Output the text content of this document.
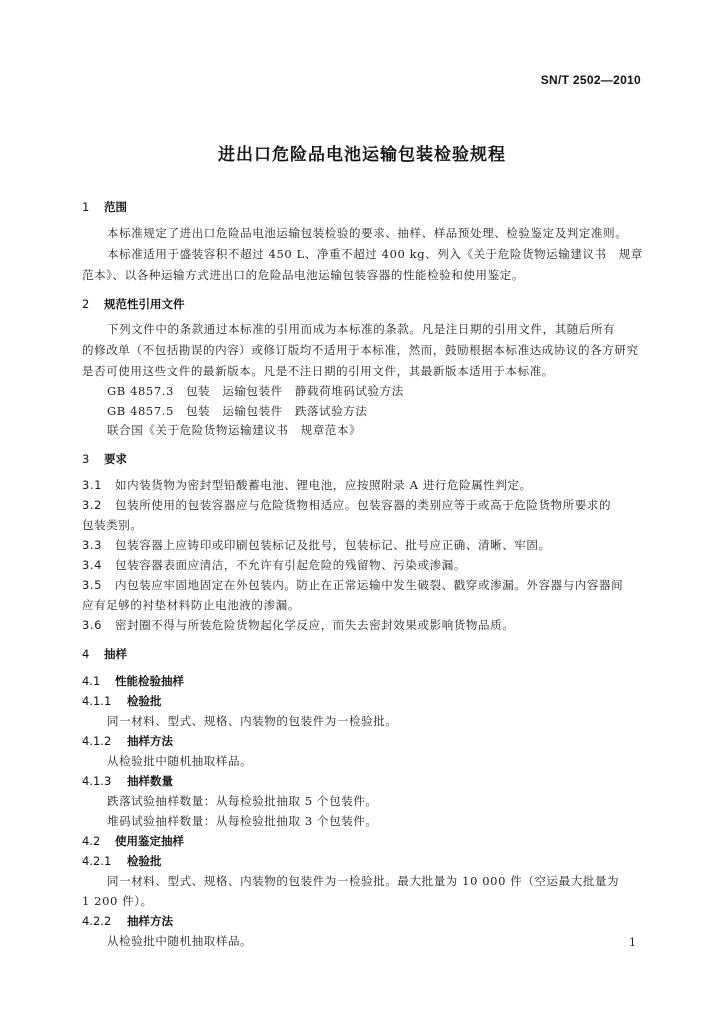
SN/T 2502—2010
进出口危险品电池运输包装检验规程
1 范围
本标准规定了进出口危险品电池运输包装检验的要求、抽样、样品预处理、检验鉴定及判定准则。
本标准适用于盛装容积不超过 450 L、净重不超过 400 kg、列入《关于危险货物运输建议书　规章
范本》、以各种运输方式进出口的危险品电池运输包装容器的性能检验和使用鉴定。
2 规范性引用文件
下列文件中的条款通过本标准的引用而成为本标准的条款。凡是注日期的引用文件，其随后所有
的修改单（不包括勘误的内容）或修订版均不适用于本标准，然而，鼓励根据本标准达成协议的各方研究
是否可使用这些文件的最新版本。凡是不注日期的引用文件，其最新版本适用于本标准。
GB 4857.3　包装　运输包装件　静载荷堆码试验方法
GB 4857.5　包装　运输包装件　跌落试验方法
联合国《关于危险货物运输建议书　规章范本》
3 要求
3.1 如内装货物为密封型铅酸蓄电池、锂电池，应按照附录 A 进行危险属性判定。
3.2 包装所使用的包装容器应与危险货物相适应。包装容器的类别应等于或高于危险货物所要求的
包装类别。
3.3 包装容器上应铸印或印刷包装标记及批号，包装标记、批号应正确、清晰、牢固。
3.4 包装容器表面应清洁，不允许有引起危险的残留物、污染或渗漏。
3.5 内包装应牢固地固定在外包装内。防止在正常运输中发生破裂、戳穿或渗漏。外容器与内容器间
应有足够的衬垫材料防止电池液的渗漏。
3.6 密封圈不得与所装危险货物起化学反应，而失去密封效果或影响货物品质。
4 抽样
4.1 性能检验抽样
4.1.1 检验批
同一材料、型式、规格、内装物的包装件为一检验批。
4.1.2 抽样方法
从检验批中随机抽取样品。
4.1.3 抽样数量
跌落试验抽样数量：从每检验批抽取 5 个包装件。
堆码试验抽样数量：从每检验批抽取 3 个包装件。
4.2 使用鉴定抽样
4.2.1 检验批
同一材料、型式、规格、内装物的包装件为一检验批。最大批量为 10 000 件（空运最大批量为
1 200 件）。
4.2.2 抽样方法
从检验批中随机抽取样品。	1
